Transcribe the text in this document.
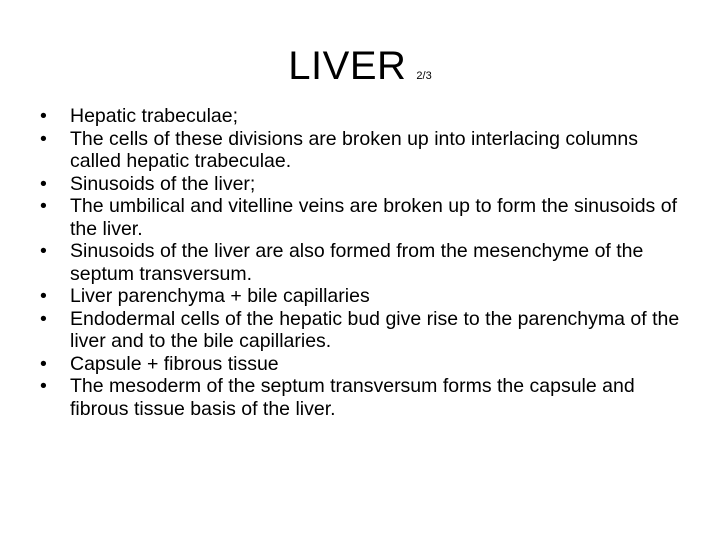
LIVER 2/3
• Hepatic trabeculae;
• The cells of these divisions are broken up into interlacing columns called hepatic trabeculae.
• Sinusoids of the liver;
• The umbilical and vitelline veins are broken up to form the sinusoids of the liver.
• Sinusoids of the liver are also formed from the mesenchyme of the septum transversum.
• Liver parenchyma + bile capillaries
• Endodermal cells of the hepatic bud give rise to the parenchyma of the liver and to the bile capillaries.
• Capsule + fibrous tissue
• The mesoderm of the septum transversum forms the capsule and fibrous tissue basis of the liver.
